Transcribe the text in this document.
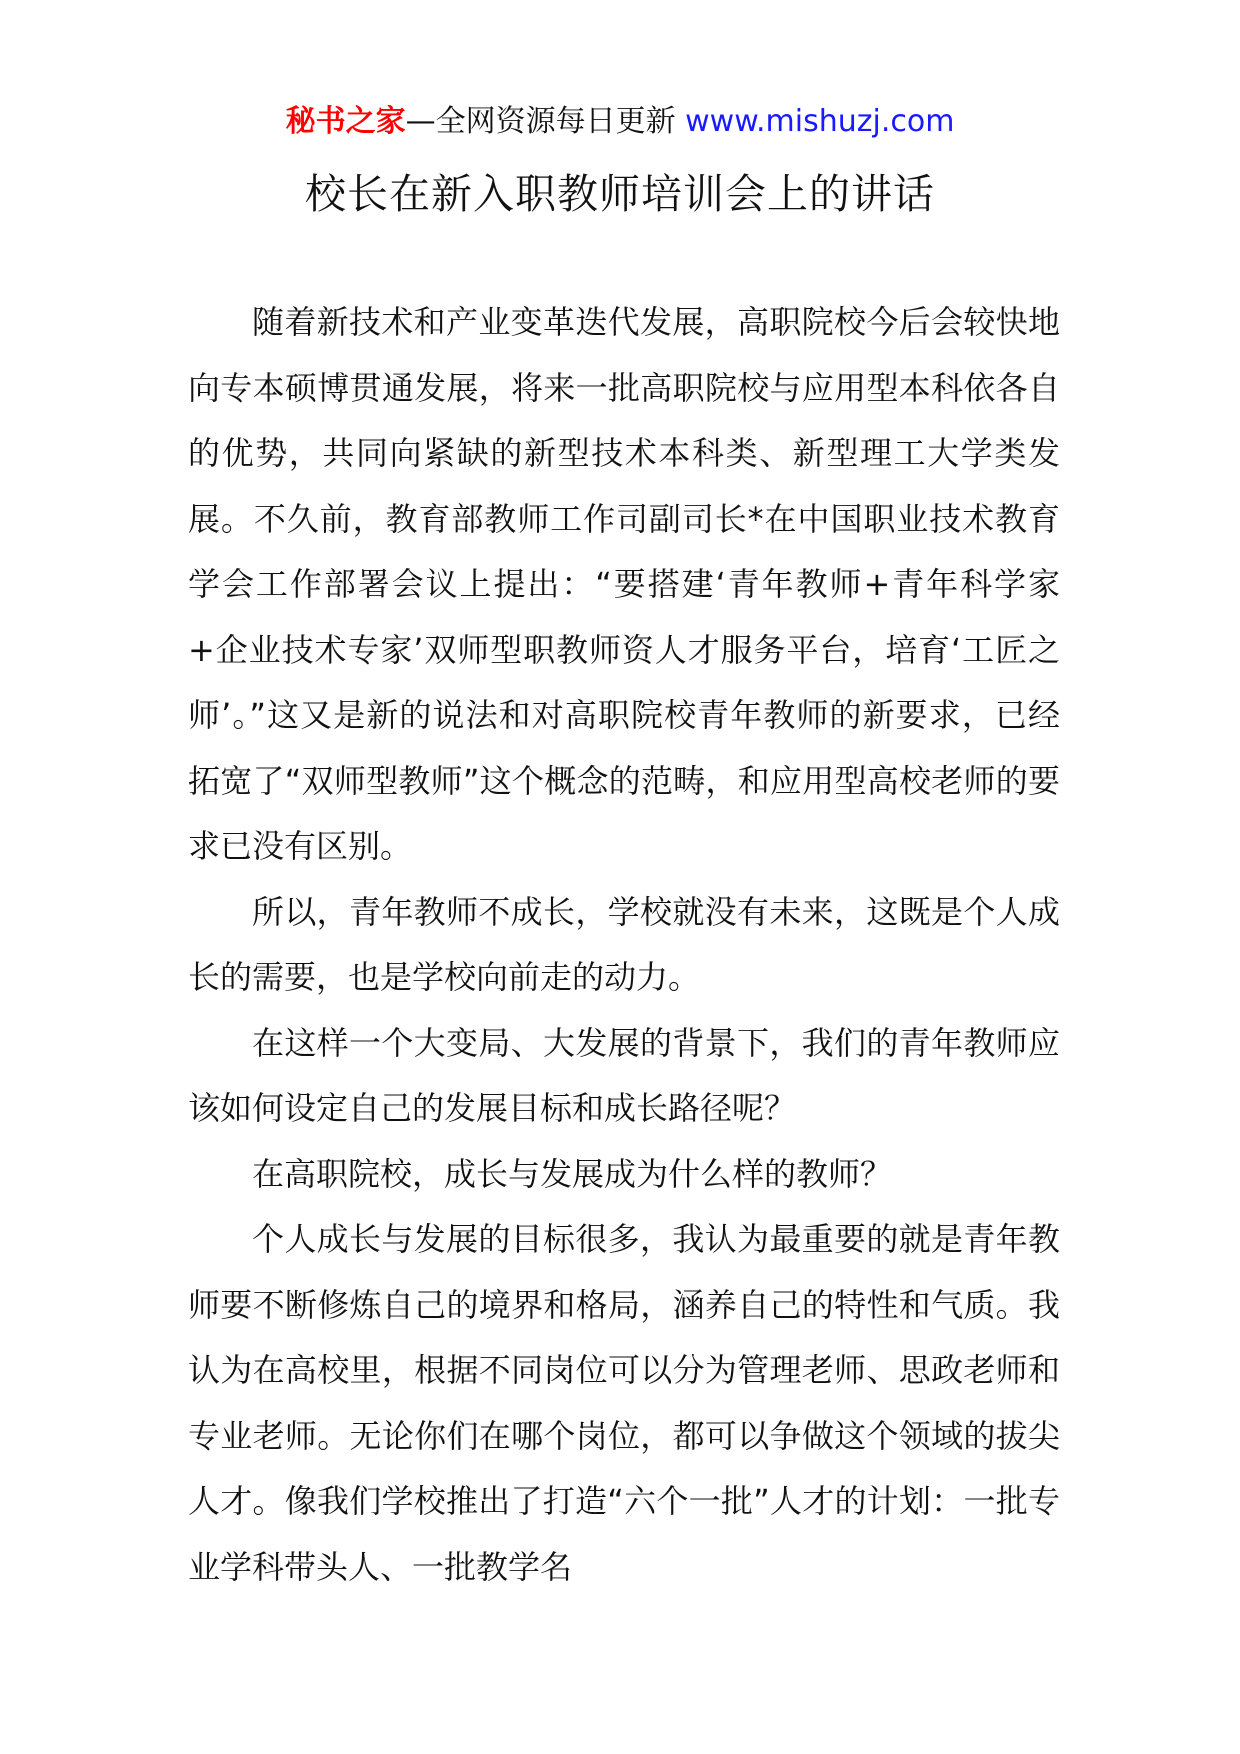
秘书之家—全网资源每日更新 www.mishuzj.com
校长在新入职教师培训会上的讲话

随着新技术和产业变革迭代发展，高职院校今后会较快地向专本硕博贯通发展，将来一批高职院校与应用型本科依各自的优势，共同向紧缺的新型技术本科类、新型理工大学类发展。不久前，教育部教师工作司副司长*在中国职业技术教育学会工作部署会议上提出：“要搭建‘青年教师+青年科学家+企业技术专家’双师型职教师资人才服务平台，培育‘工匠之师’。”这又是新的说法和对高职院校青年教师的新要求，已经拓宽了“双师型教师”这个概念的范畴，和应用型高校老师的要求已没有区别。

所以，青年教师不成长，学校就没有未来，这既是个人成长的需要，也是学校向前走的动力。

在这样一个大变局、大发展的背景下，我们的青年教师应该如何设定自己的发展目标和成长路径呢？

在高职院校，成长与发展成为什么样的教师？

个人成长与发展的目标很多，我认为最重要的就是青年教师要不断修炼自己的境界和格局，涵养自己的特性和气质。我认为在高校里，根据不同岗位可以分为管理老师、思政老师和专业老师。无论你们在哪个岗位，都可以争做这个领域的拔尖人才。像我们学校推出了打造“六个一批”人才的计划：一批专业学科带头人、一批教学名
